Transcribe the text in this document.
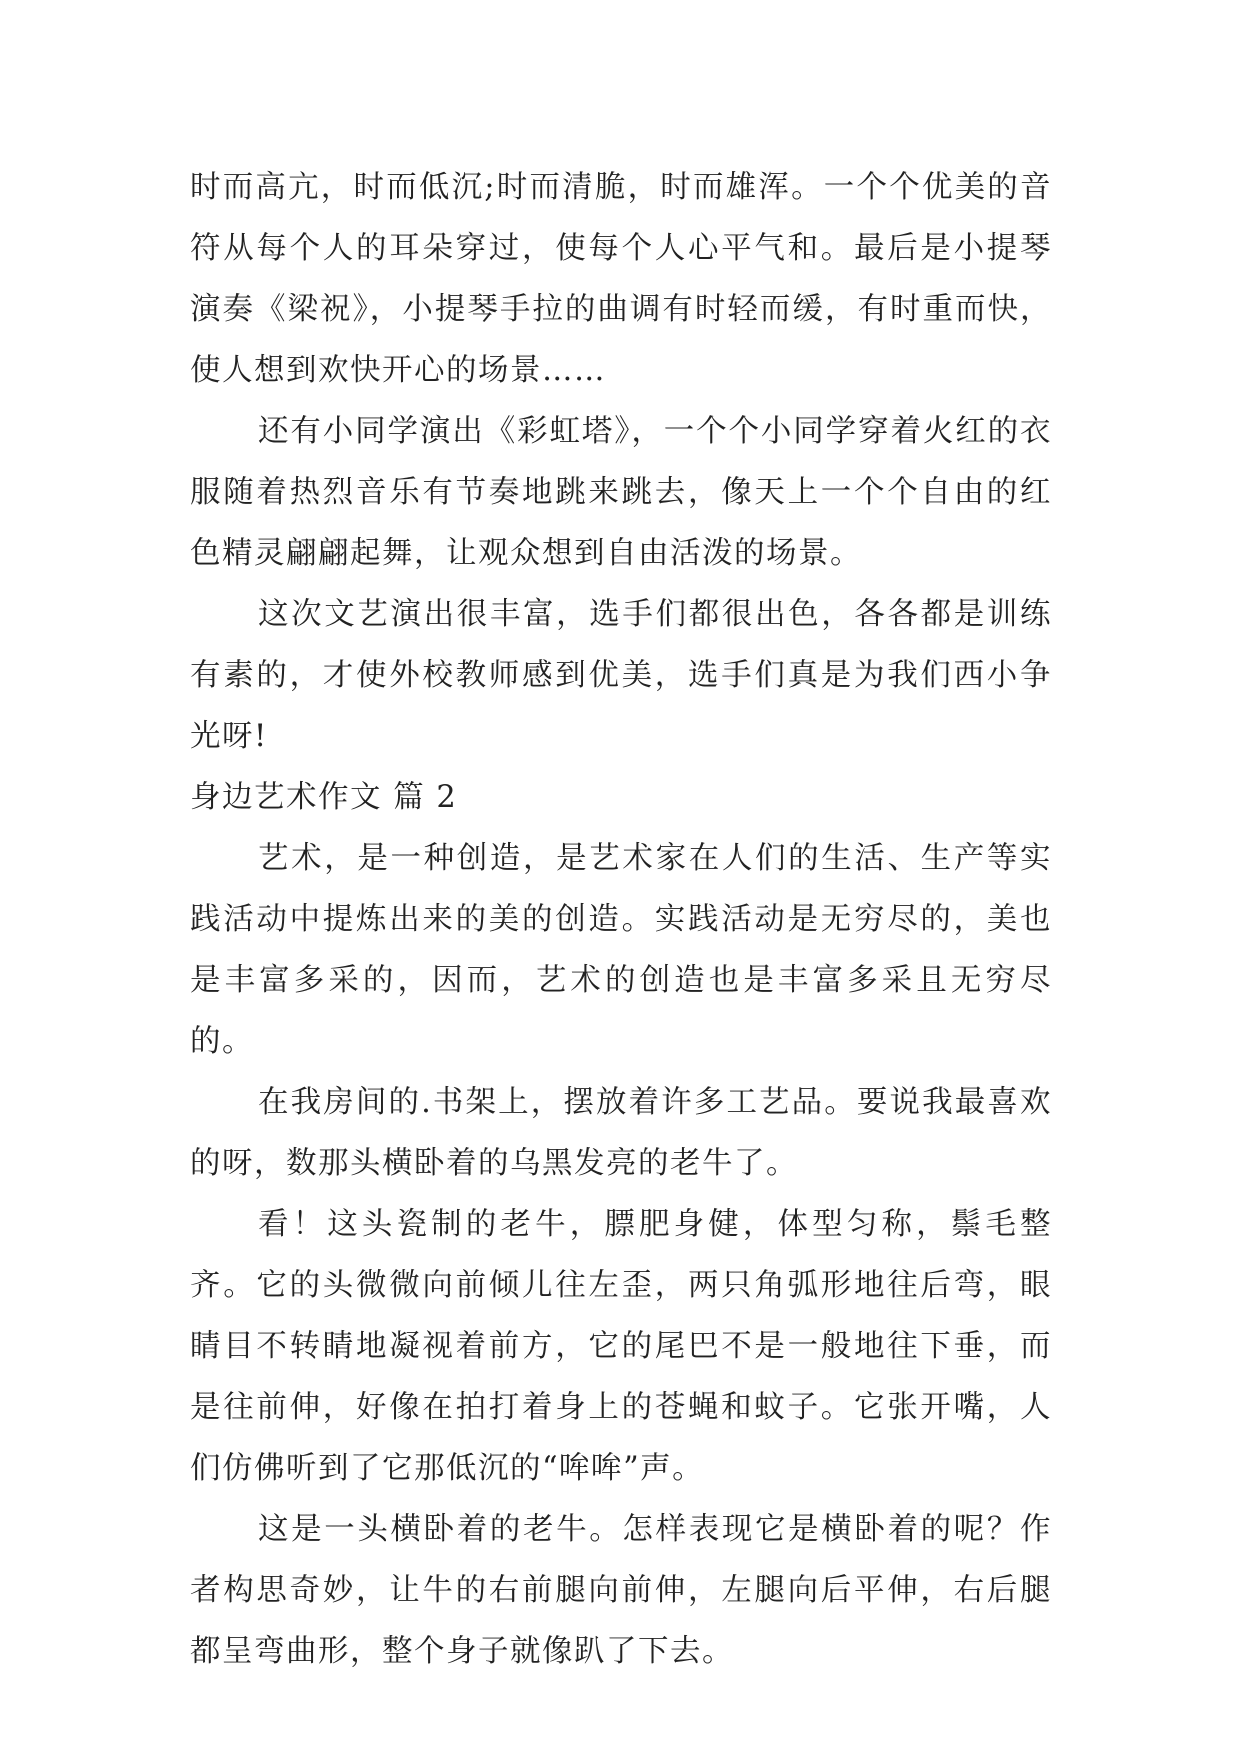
时而高亢，时而低沉;时而清脆，时而雄浑。一个个优美的音符从每个人的耳朵穿过，使每个人心平气和。最后是小提琴演奏《梁祝》，小提琴手拉的曲调有时轻而缓，有时重而快，使人想到欢快开心的场景……

还有小同学演出《彩虹塔》，一个个小同学穿着火红的衣服随着热烈音乐有节奏地跳来跳去，像天上一个个自由的红色精灵翩翩起舞，让观众想到自由活泼的场景。

这次文艺演出很丰富，选手们都很出色，各各都是训练有素的，才使外校教师感到优美，选手们真是为我们西小争光呀!

身边艺术作文 篇 2

艺术，是一种创造，是艺术家在人们的生活、生产等实践活动中提炼出来的美的创造。实践活动是无穷尽的，美也是丰富多采的，因而，艺术的创造也是丰富多采且无穷尽的。

在我房间的.书架上，摆放着许多工艺品。要说我最喜欢的呀，数那头横卧着的乌黑发亮的老牛了。

看！这头瓷制的老牛，膘肥身健，体型匀称，鬃毛整齐。它的头微微向前倾儿往左歪，两只角弧形地往后弯，眼睛目不转睛地凝视着前方，它的尾巴不是一般地往下垂，而是往前伸，好像在拍打着身上的苍蝇和蚊子。它张开嘴，人们仿佛听到了它那低沉的“哞哞”声。

这是一头横卧着的老牛。怎样表现它是横卧着的呢？作者构思奇妙，让牛的右前腿向前伸，左腿向后平伸，右后腿都呈弯曲形，整个身子就像趴了下去。
